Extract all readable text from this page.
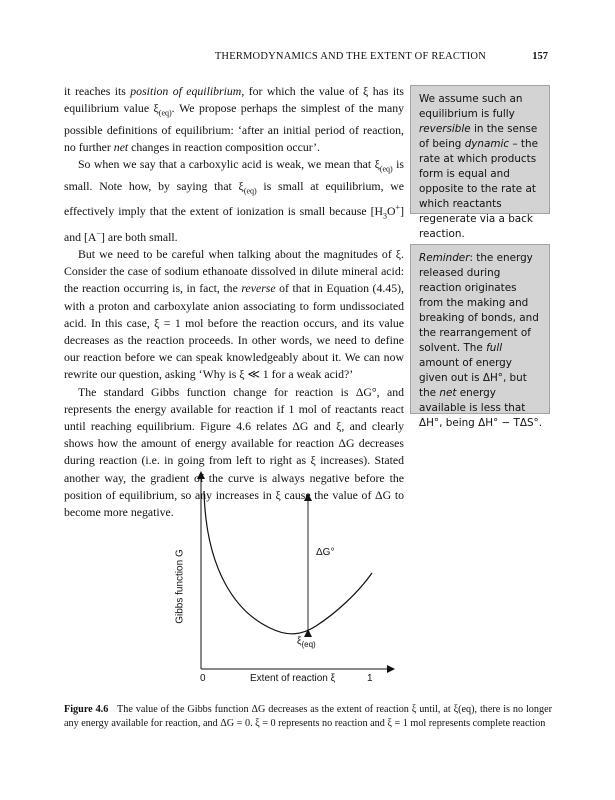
THERMODYNAMICS AND THE EXTENT OF REACTION	157

it reaches its position of equilibrium, for which the value of ξ has its equilibrium value $\xi_{(eq)}$. We propose perhaps the simplest of the many possible definitions of equilibrium: ‘after an initial period of reaction, no further net changes in reaction composition occur’.

So when we say that a carboxylic acid is weak, we mean that $\xi_{(eq)}$ is small. Note how, by saying that $\xi_{(eq)}$ is small at equilibrium, we effectively imply that the extent of ionization is small because $[H_3O^+]$ and [A−] are both small.

But we need to be careful when talking about the magnitudes of ξ. Consider the case of sodium ethanoate dissolved in dilute mineral acid: the reaction occurring is, in fact, the reverse of that in Equation (4.45), with a proton and carboxylate anion associating to form undissociated acid. In this case, ξ = 1 mol before the reaction occurs, and its value decreases as the reaction proceeds. In other words, we need to define our reaction before we can speak knowledgeably about it. We can now rewrite our question, asking ‘Why is ξ ≪ 1 for a weak acid?’

The standard Gibbs function change for reaction is ΔG°, and represents the energy available for reaction if 1 mol of reactants react until reaching equilibrium. Figure 4.6 relates ΔG and ξ, and clearly shows how the amount of energy available for reaction ΔG decreases during reaction (i.e. in going from left to right as ξ increases). Stated another way, the gradient of the curve is always negative before the position of equilibrium, so any increases in ξ cause the value of ΔG to become more negative.

We assume such an equilibrium is fully reversible in the sense of being dynamic – the rate at which products form is equal and opposite to the rate at which reactants regenerate via a back reaction.
Reminder: the energy released during reaction originates from the making and breaking of bonds, and the rearrangement of solvent. The full amount of energy given out is ΔH°, but the net energy available is less that ΔH°, being ΔH° − TΔS°.
Gibbs function G	ΔG°
$\xi_{(eq)}$
0	Extent of reaction ξ	1
Figure 4.6 The value of the Gibbs function ΔG decreases as the extent of reaction ξ until, at ξ(eq), there is no longer any energy available for reaction, and ΔG = 0. ξ = 0 represents no reaction and ξ = 1 mol represents complete reaction
